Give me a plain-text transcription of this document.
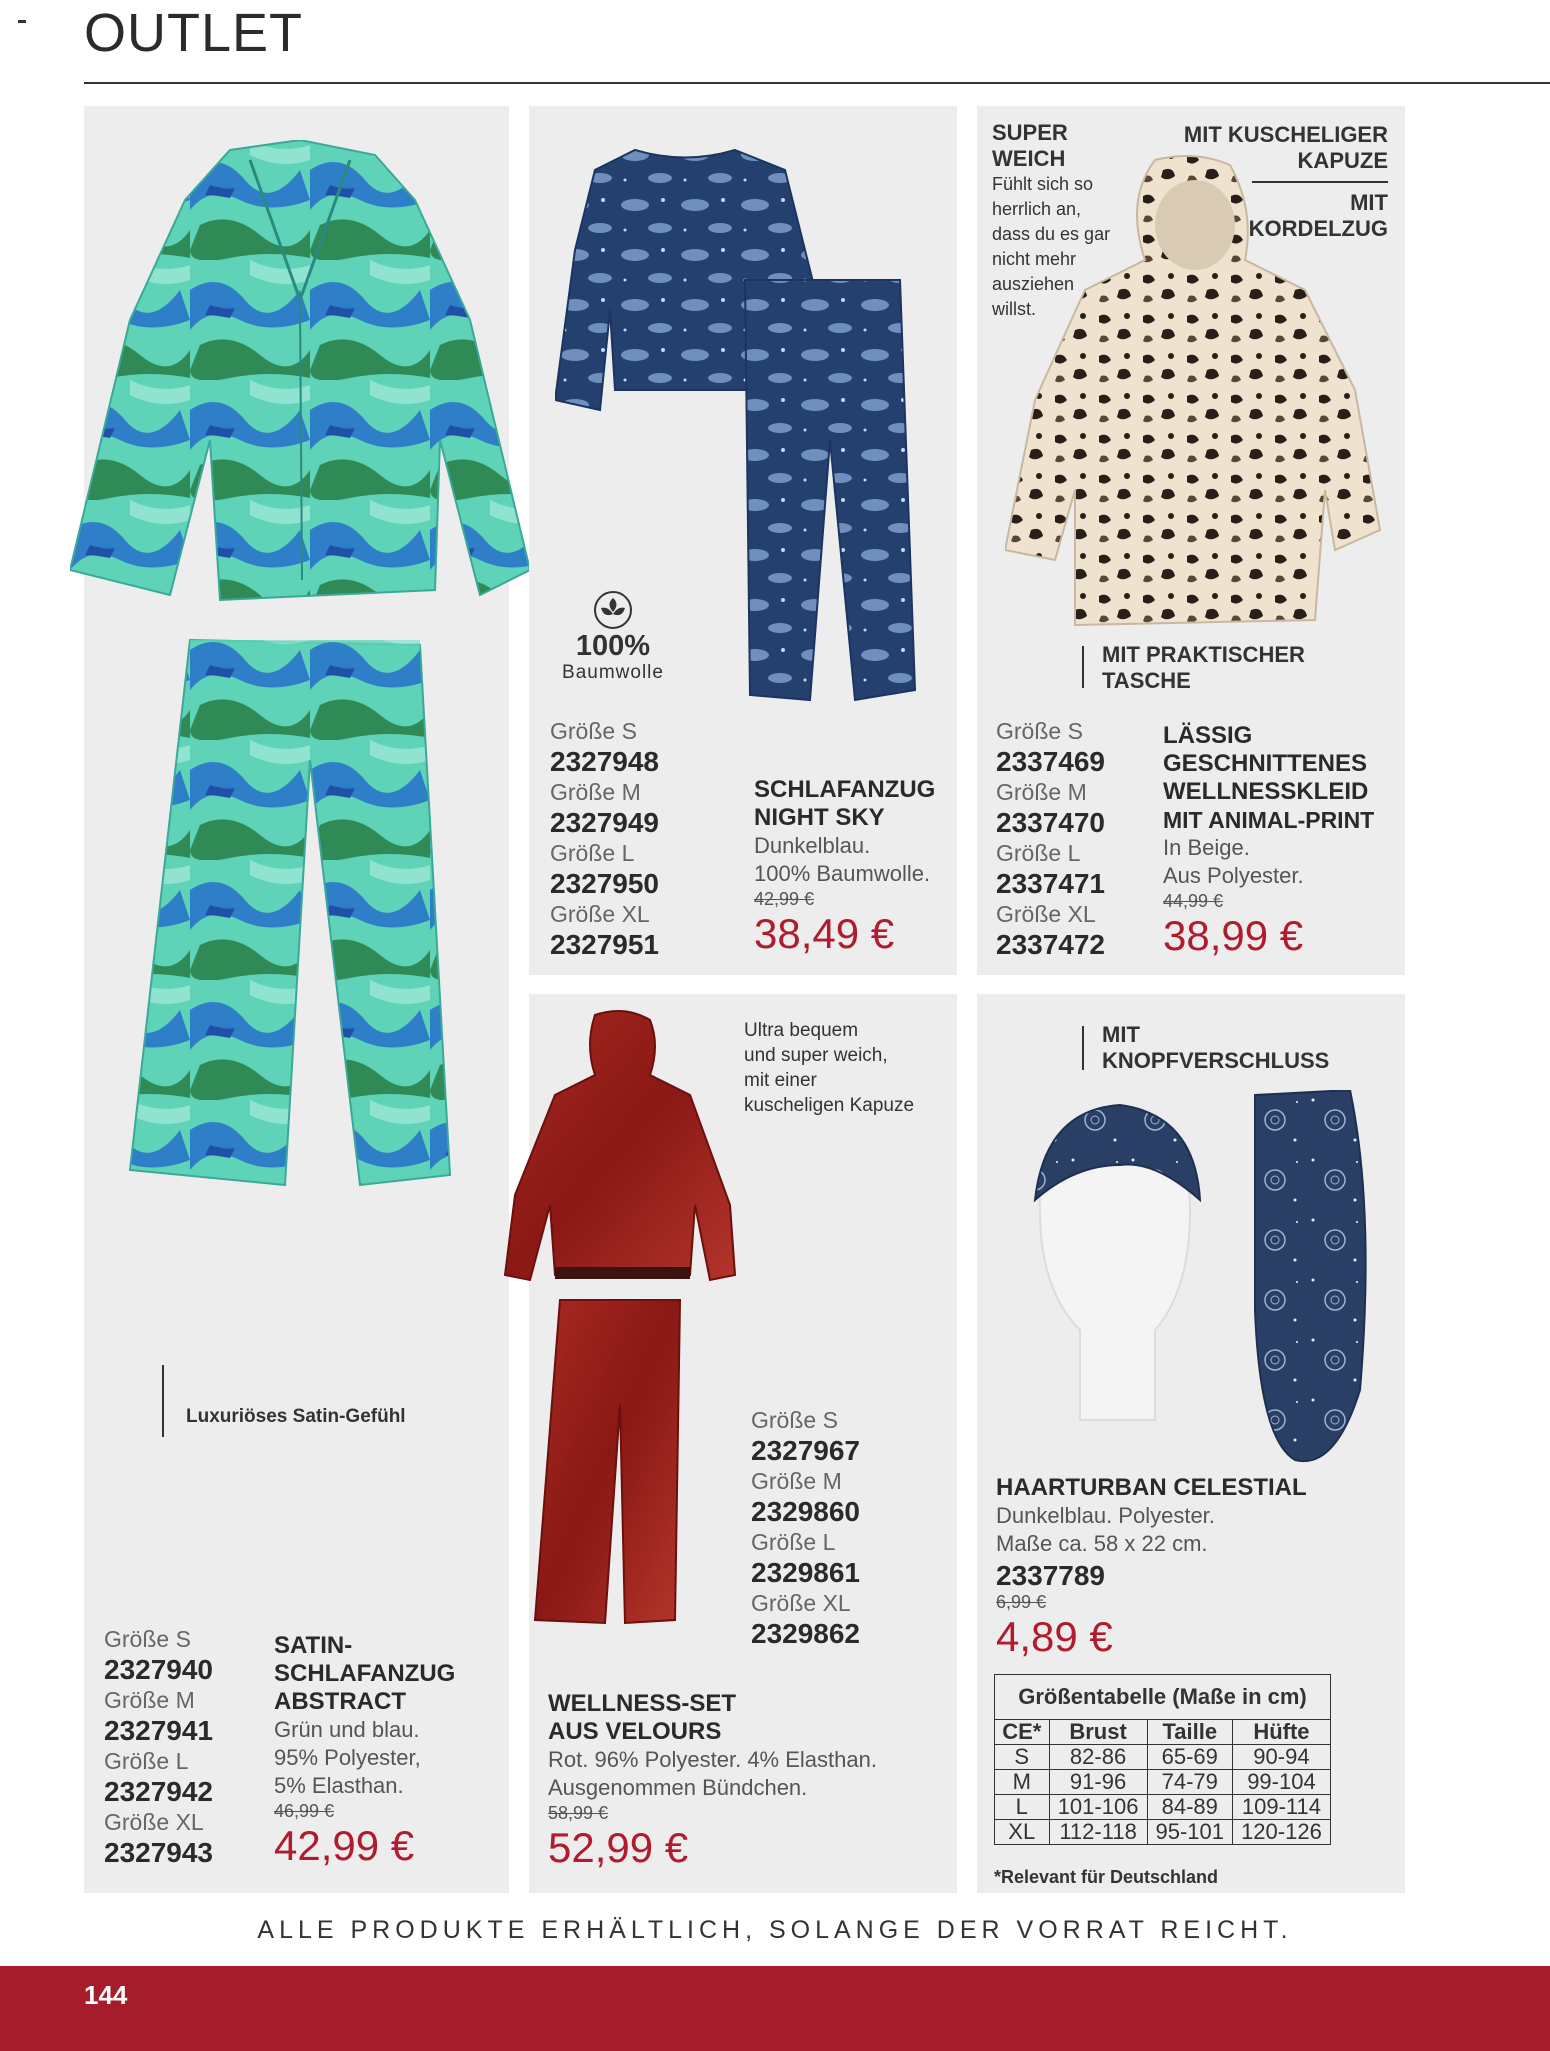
OUTLET
Luxuriöses Satin-Gefühl
Größe S
2327940
Größe M
2327941
Größe L
2327942
Größe XL
2327943
SATIN-
SCHLAFANZUG
ABSTRACT
Grün und blau.
95% Polyester,
5% Elasthan.
46,99 €
42,99 €
100%
Baumwolle
Größe S
2327948
Größe M
2327949
Größe L
2327950
Größe XL
2327951
SCHLAFANZUG
NIGHT SKY
Dunkelblau.
100% Baumwolle.
42,99 €
38,49 €
SUPER
WEICH
Fühlt sich so
herrlich an,
dass du es gar
nicht mehr
ausziehen
willst.
MIT KUSCHELIGER
KAPUZE
MIT
KORDELZUG
MIT PRAKTISCHER
TASCHE
Größe S
2337469
Größe M
2337470
Größe L
2337471
Größe XL
2337472
LÄSSIG
GESCHNITTENES
WELLNESSKLEID
MIT ANIMAL-PRINT
In Beige.
Aus Polyester.
44,99 €
38,99 €
Ultra bequem
und super weich,
mit einer
kuscheligen Kapuze
Größe S
2327967
Größe M
2329860
Größe L
2329861
Größe XL
2329862
WELLNESS-SET
AUS VELOURS
Rot. 96% Polyester. 4% Elasthan.
Ausgenommen Bündchen.
58,99 €
52,99 €
MIT
KNOPFVERSCHLUSS
HAARTURBAN CELESTIAL
Dunkelblau. Polyester.
Maße ca. 58 x 22 cm.
2337789
6,99 €
4,89 €
Größentabelle (Maße in cm)
CE*	Brust	Taille	Hüfte
S	82-86	65-69	90-94
M	91-96	74-79	99-104
L	101-106	84-89	109-114
XL	112-118	95-101	120-126
*Relevant für Deutschland
ALLE PRODUKTE ERHÄLTLICH, SOLANGE DER VORRAT REICHT.
144
